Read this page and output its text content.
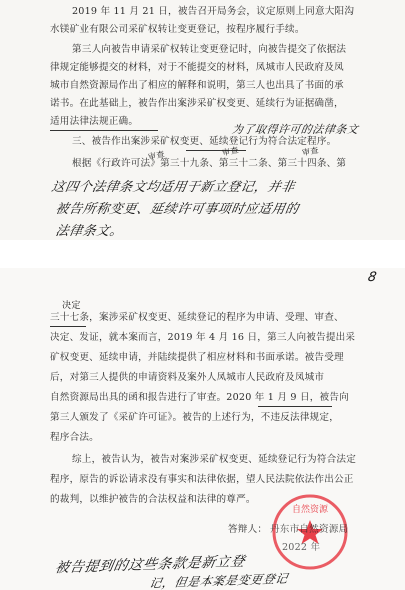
2019 年 11 月 21 日，被告召开局务会，议定原则上同意大阳沟
水镁矿业有限公司采矿权转让变更登记，按程序履行手续。
第三人向被告申请采矿权转让变更登记时，向被告提交了依据法
律规定能够提交的材料，对于不能提交的材料，凤城市人民政府及凤
城市自然资源局作出了相应的解释和说明，第三人也出具了书面的承
诺书。在此基础上，被告作出案涉采矿权变更、延续行为证据确凿，
适用法律法规正确。
为了取得许可的法律条文
三、被告作出案涉采矿权变更、延续登记行为符合法定程序。
审查	审查	审查
根据《行政许可法》第三十九条、第三十二条、第三十四条、第
这四个法律条文均适用于新立登记，并非
被告所称变更、延续许可事项时应适用的
法律条文。
8
决定
三十七条，案涉采矿权变更、延续登记的程序为申请、受理、审查、
决定、发证，就本案而言，2019 年 4 月 16 日，第三人向被告提出采
矿权变更、延续申请，并陆续提供了相应材料和书面承诺。被告受理
后，对第三人提供的申请资料及案外人凤城市人民政府及凤城市
自然资源局出具的函和报告进行了审查。2020 年 1 月 9 日，被告向
第三人颁发了《采矿许可证》。被告的上述行为，不违反法律规定，
程序合法。
综上，被告认为，被告对案涉采矿权变更、延续登记行为符合法定
程序，原告的诉讼请求没有事实和法律依据，望人民法院依法作出公正
的裁判，以维护被告的合法权益和法律的尊严。
自然资源
答辩人： 丹东市自然资源局
2022 年
被告提到的这些条款是新立登
记，但是本案是变更登记
